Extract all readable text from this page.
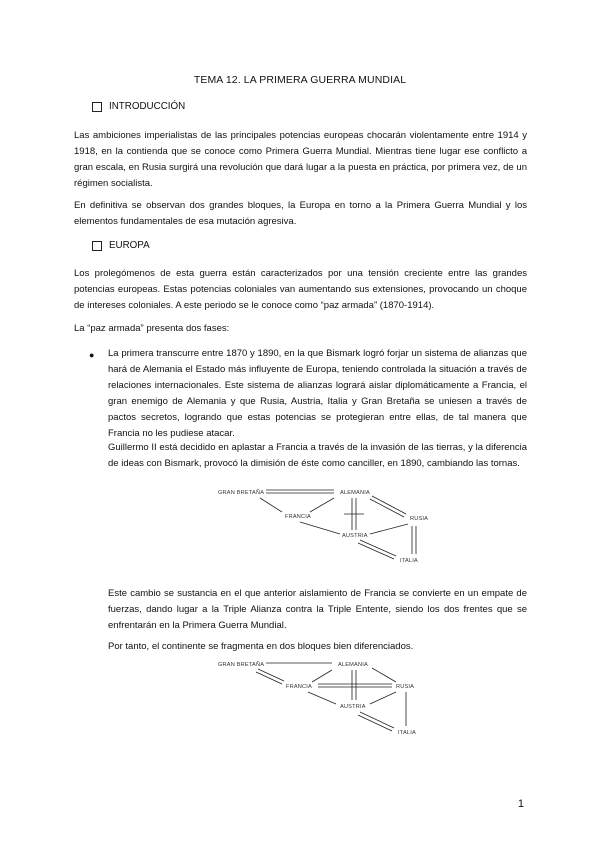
TEMA 12. LA PRIMERA GUERRA MUNDIAL
INTRODUCCIÓN
Las ambiciones imperialistas de las principales potencias europeas chocarán violentamente entre 1914 y 1918, en la contienda que se conoce como Primera Guerra Mundial. Mientras tiene lugar ese conflicto a gran escala, en Rusia surgirá una revolución que dará lugar a la puesta en práctica, por primera vez, de un régimen socialista.
En definitiva se observan dos grandes bloques, la Europa en torno a la Primera Guerra Mundial y los elementos fundamentales de esa mutación agresiva.
EUROPA
Los prolegómenos de esta guerra están caracterizados por una tensión creciente entre las grandes potencias europeas. Estas potencias coloniales van aumentando sus extensiones, provocando un choque de intereses coloniales. A este periodo se le conoce como “paz armada” (1870-1914).
La “paz armada” presenta dos fases:
● La primera transcurre entre 1870 y 1890, en la que Bismark logró forjar un sistema de alianzas que hará de Alemania el Estado más influyente de Europa, teniendo controlada la situación a través de relaciones internacionales. Este sistema de alianzas logrará aislar diplomáticamente a Francia, el gran enemigo de Alemania y que Rusia, Austria, Italia y Gran Bretaña se uniesen a través de pactos secretos, logrando que estas potencias se protegieran entre ellas, de tal manera que Francia no les pudiese atacar.
Guillermo II está decidido en aplastar a Francia a través de la invasión de las tierras, y la diferencia de ideas con Bismark, provocó la dimisión de éste como canciller, en 1890, cambiando las tornas.
GRAN BRETAÑA	ALEMANIA
FRANCIA	RUSIA
AUSTRIA
ITALIA
Este cambio se sustancia en el que anterior aislamiento de Francia se convierte en un empate de fuerzas, dando lugar a la Triple Alianza contra la Triple Entente, siendo los dos frentes que se enfrentarán en la Primera Guerra Mundial.
Por tanto, el continente se fragmenta en dos bloques bien diferenciados.
GRAN BRETAÑA	ALEMANIA
FRANCIA	RUSIA
AUSTRIA
ITALIA
1
